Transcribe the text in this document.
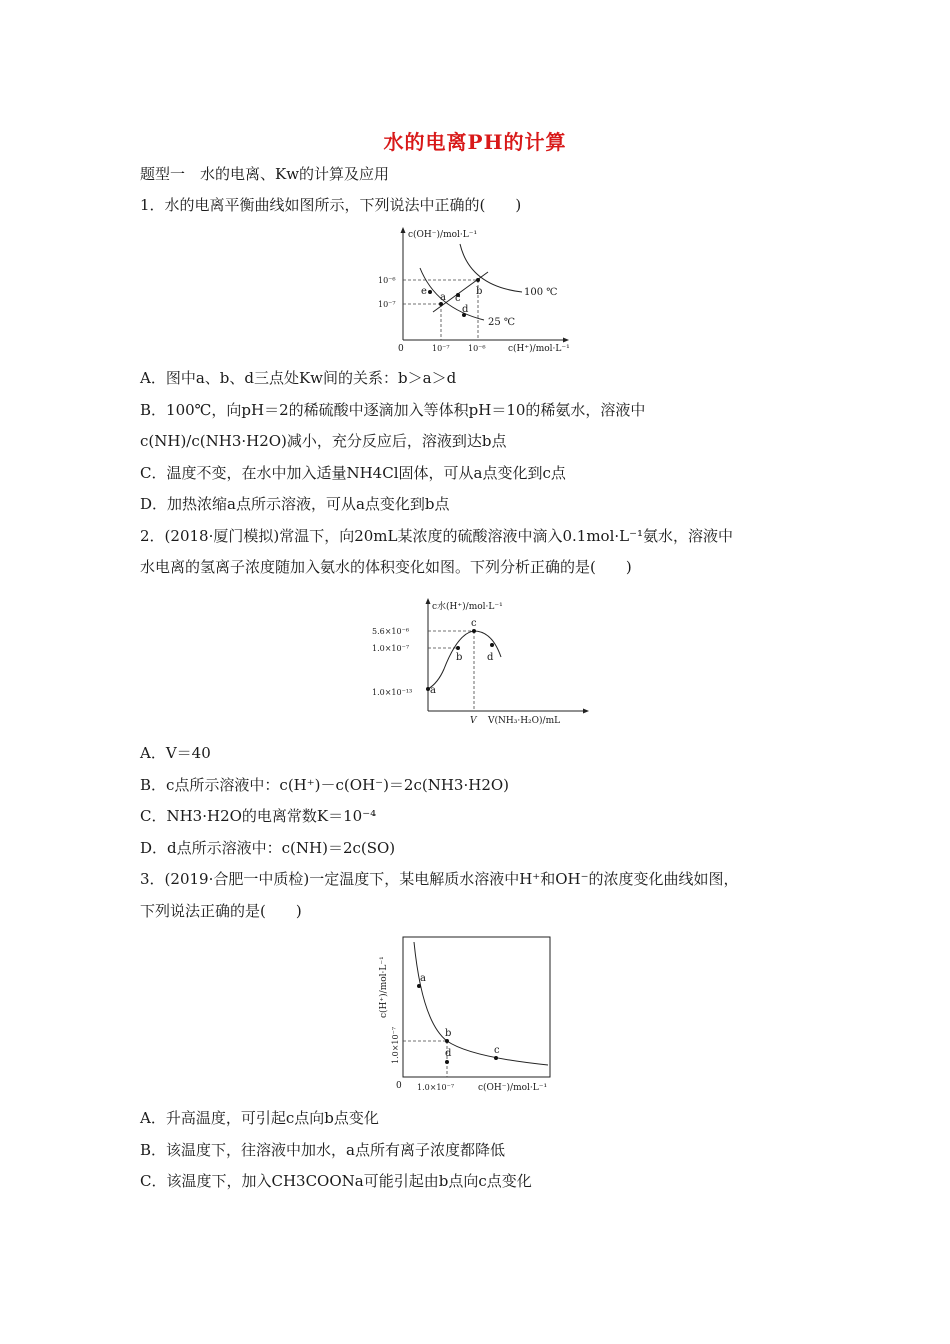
水的电离PH的计算
题型一　水的电离、Kw的计算及应用
1．水的电离平衡曲线如图所示，下列说法中正确的(　　)
c(OH⁻)/mol·L⁻¹
c(H⁺)/mol·L⁻¹
0
10⁻⁶
10⁻⁷
10⁻⁷ 10⁻⁶
100 ℃
25 ℃
e
a c
b
d
A．图中a、b、d三点处Kw间的关系：b＞a＞d
B．100℃，向pH＝2的稀硫酸中逐滴加入等体积pH＝10的稀氨水，溶液中
c(NH)/c(NH3·H2O)减小，充分反应后，溶液到达b点
C．温度不变，在水中加入适量NH4Cl固体，可从a点变化到c点
D．加热浓缩a点所示溶液，可从a点变化到b点
2．(2018·厦门模拟)常温下，向20mL某浓度的硫酸溶液中滴入0.1mol·L⁻¹氨水，溶液中
水电离的氢离子浓度随加入氨水的体积变化如图。下列分析正确的是(　　)
c水(H⁺)/mol·L⁻¹
V(NH₃·H₂O)/mL
5.6×10⁻⁶
1.0×10⁻⁷
1.0×10⁻¹³
V
a
b
c
d
A．V＝40
B．c点所示溶液中：c(H⁺)－c(OH⁻)＝2c(NH3·H2O)
C．NH3·H2O的电离常数K＝10⁻⁴
D．d点所示溶液中：c(NH)＝2c(SO)
3．(2019·合肥一中质检)一定温度下，某电解质水溶液中H⁺和OH⁻的浓度变化曲线如图，
下列说法正确的是(　　)
c(H⁺)/mol·L⁻¹
1.0×10⁻⁷
0 1.0×10⁻⁷	c(OH⁻)/mol·L⁻¹
a
b
c
d
A．升高温度，可引起c点向b点变化
B．该温度下，往溶液中加水，a点所有离子浓度都降低
C．该温度下，加入CH3COONa可能引起由b点向c点变化
